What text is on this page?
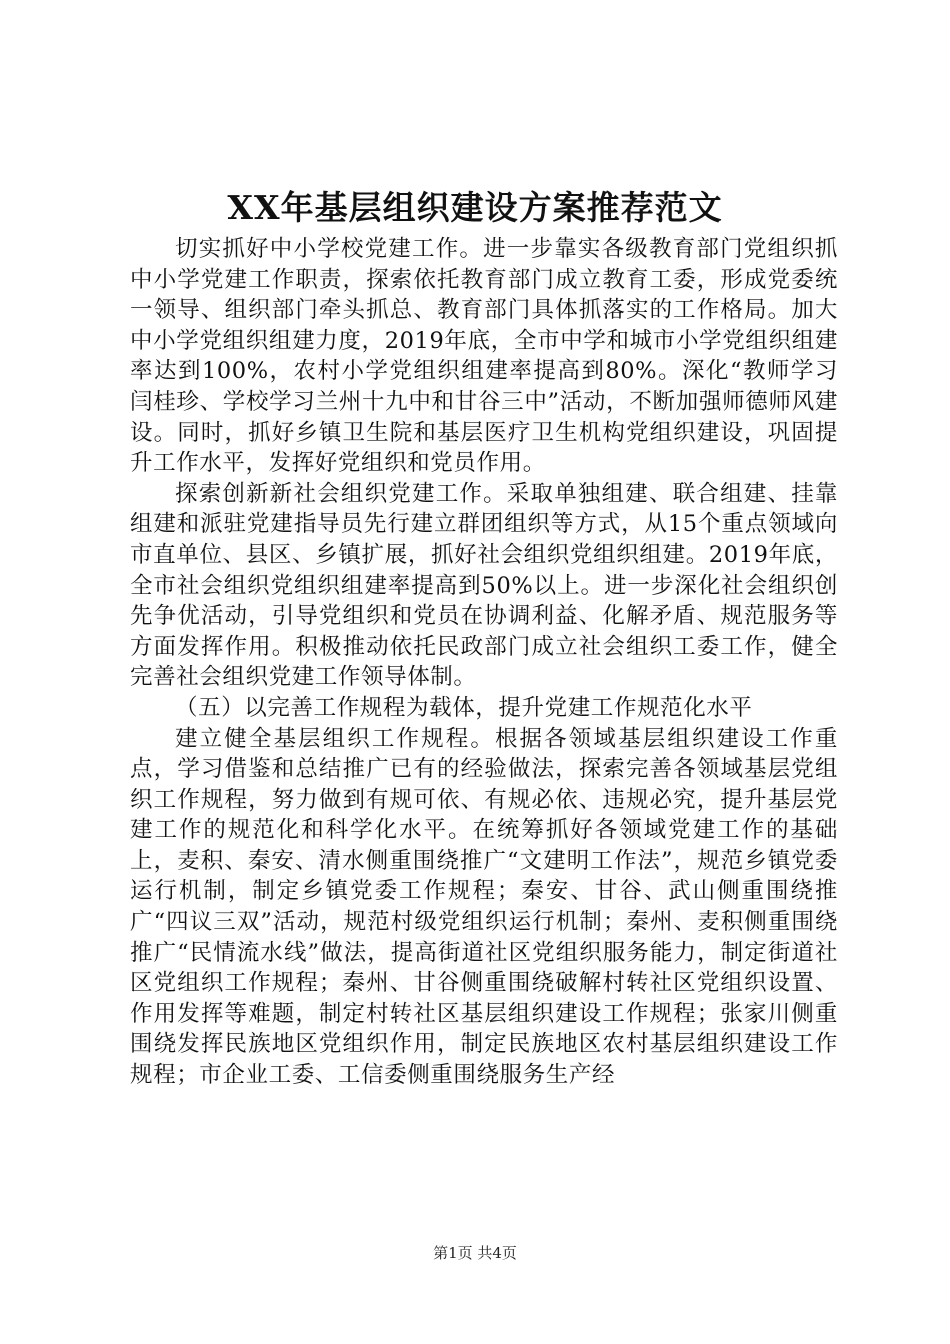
XX年基层组织建设方案推荐范文

切实抓好中小学校党建工作。进一步靠实各级教育部门党组织抓中小学党建工作职责，探索依托教育部门成立教育工委，形成党委统一领导、组织部门牵头抓总、教育部门具体抓落实的工作格局。加大中小学党组织组建力度，2019年底，全市中学和城市小学党组织组建率达到100%，农村小学党组织组建率提高到80%。深化“教师学习闫桂珍、学校学习兰州十九中和甘谷三中”活动，不断加强师德师风建设。同时，抓好乡镇卫生院和基层医疗卫生机构党组织建设，巩固提升工作水平，发挥好党组织和党员作用。

探索创新新社会组织党建工作。采取单独组建、联合组建、挂靠组建和派驻党建指导员先行建立群团组织等方式，从15个重点领域向市直单位、县区、乡镇扩展，抓好社会组织党组织组建。2019年底，全市社会组织党组织组建率提高到50%以上。进一步深化社会组织创先争优活动，引导党组织和党员在协调利益、化解矛盾、规范服务等方面发挥作用。积极推动依托民政部门成立社会组织工委工作，健全完善社会组织党建工作领导体制。

（五）以完善工作规程为载体，提升党建工作规范化水平

建立健全基层组织工作规程。根据各领域基层组织建设工作重点，学习借鉴和总结推广已有的经验做法，探索完善各领域基层党组织工作规程，努力做到有规可依、有规必依、违规必究，提升基层党建工作的规范化和科学化水平。在统筹抓好各领域党建工作的基础上，麦积、秦安、清水侧重围绕推广“文建明工作法”，规范乡镇党委运行机制，制定乡镇党委工作规程；秦安、甘谷、武山侧重围绕推广“四议三双”活动，规范村级党组织运行机制；秦州、麦积侧重围绕推广“民情流水线”做法，提高街道社区党组织服务能力，制定街道社区党组织工作规程；秦州、甘谷侧重围绕破解村转社区党组织设置、作用发挥等难题，制定村转社区基层组织建设工作规程；张家川侧重围绕发挥民族地区党组织作用，制定民族地区农村基层组织建设工作规程；市企业工委、工信委侧重围绕服务生产经

第1页 共4页
